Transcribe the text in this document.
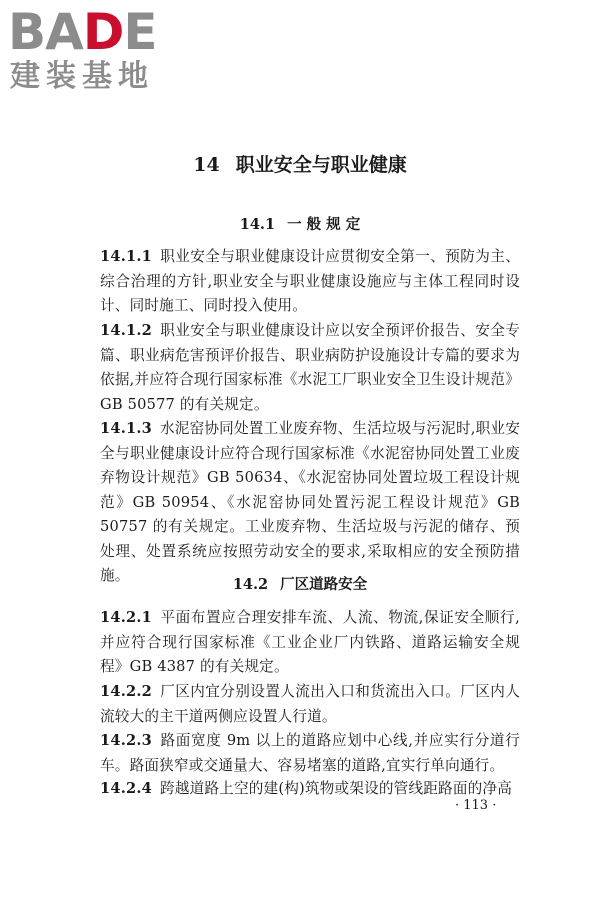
BADE
建装基地
14 职业安全与职业健康
14.1 一 般 规 定
14.1.1 职业安全与职业健康设计应贯彻安全第一、预防为主、综合治理的方针,职业安全与职业健康设施应与主体工程同时设计、同时施工、同时投入使用。
14.1.2 职业安全与职业健康设计应以安全预评价报告、安全专篇、职业病危害预评价报告、职业病防护设施设计专篇的要求为依据,并应符合现行国家标准《水泥工厂职业安全卫生设计规范》GB 50577 的有关规定。
14.1.3 水泥窑协同处置工业废弃物、生活垃圾与污泥时,职业安全与职业健康设计应符合现行国家标准《水泥窑协同处置工业废弃物设计规范》GB 50634、《水泥窑协同处置垃圾工程设计规范》GB 50954、《水泥窑协同处置污泥工程设计规范》GB 50757 的有关规定。工业废弃物、生活垃圾与污泥的储存、预处理、处置系统应按照劳动安全的要求,采取相应的安全预防措施。
14.2 厂区道路安全
14.2.1 平面布置应合理安排车流、人流、物流,保证安全顺行,并应符合现行国家标准《工业企业厂内铁路、道路运输安全规程》GB 4387 的有关规定。
14.2.2 厂区内宜分别设置人流出入口和货流出入口。厂区内人流较大的主干道两侧应设置人行道。
14.2.3 路面宽度 9m 以上的道路应划中心线,并应实行分道行车。路面狭窄或交通量大、容易堵塞的道路,宜实行单向通行。
14.2.4 跨越道路上空的建(构)筑物或架设的管线距路面的净高
· 113 ·
